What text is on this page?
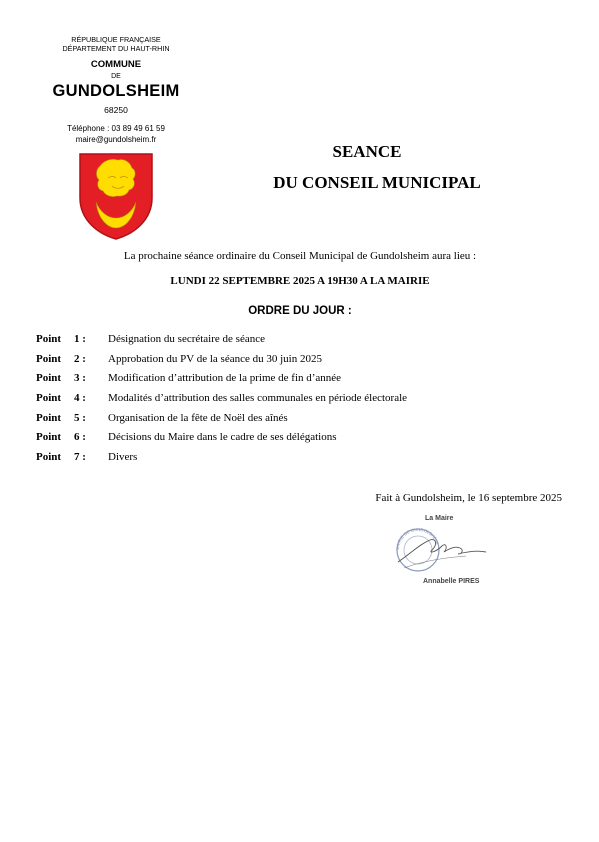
RÉPUBLIQUE FRANÇAISE
DÉPARTEMENT DU HAUT-RHIN
COMMUNE
DE
GUNDOLSHEIM
68250
Téléphone : 03 89 49 61 59
maire@gundolsheim.fr
SEANCE
DU CONSEIL MUNICIPAL
La prochaine séance ordinaire du Conseil Municipal de Gundolsheim aura lieu :
LUNDI 22 SEPTEMBRE 2025 A 19H30 A LA MAIRIE
ORDRE DU JOUR :
Point	1 :	Désignation du secrétaire de séance
Point	2 :	Approbation du PV de la séance du 30 juin 2025
Point	3 :	Modification d’attribution de la prime de fin d’année
Point	4 :	Modalités d’attribution des salles communales en période électorale
Point	5 :	Organisation de la fête de Noël des aînés
Point	6 :	Décisions du Maire dans le cadre de ses délégations
Point	7 :	Divers
Fait à Gundolsheim, le 16 septembre 2025
La Maire
MAIRIE DE GUNDOLSHEIM
Annabelle PIRES
